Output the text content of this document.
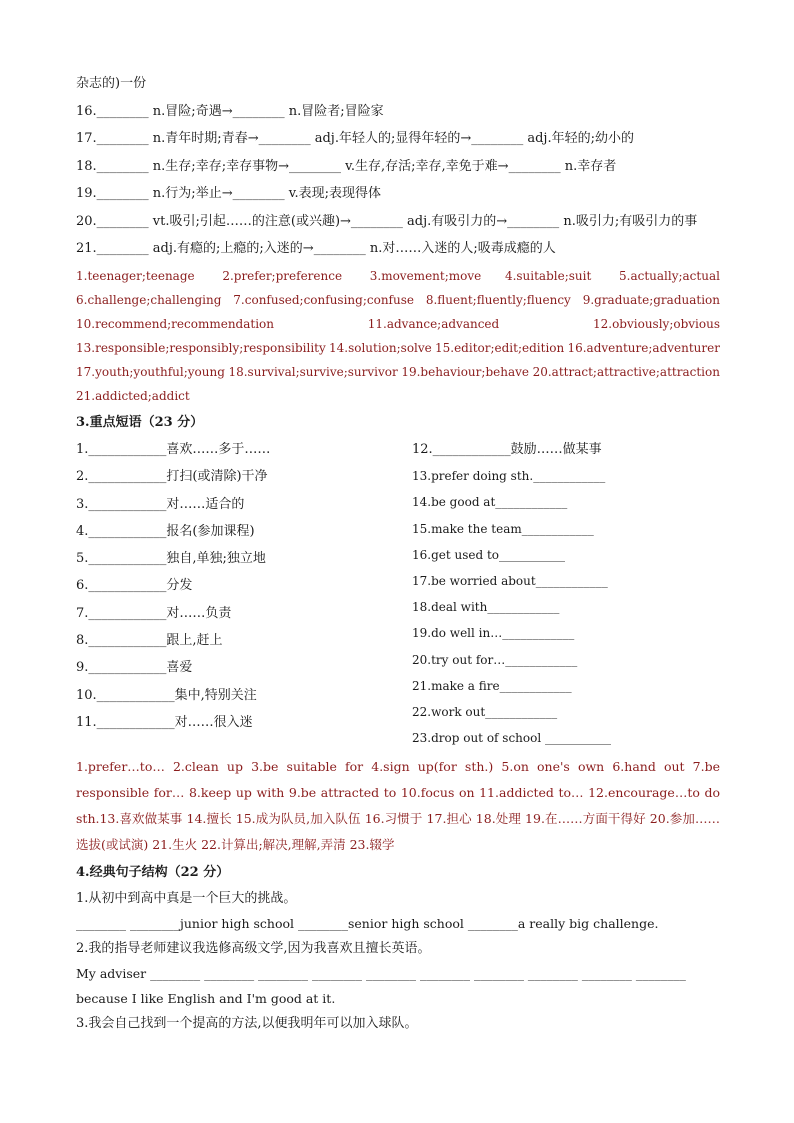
杂志的)一份
16.________ n.冒险;奇遇→________ n.冒险者;冒险家
17.________ n.青年时期;青春→________ adj.年轻人的;显得年轻的→________ adj.年轻的;幼小的
18.________ n.生存;幸存;幸存事物→________ v.生存,存活;幸存,幸免于难→________ n.幸存者
19.________ n.行为;举止→________ v.表现;表现得体
20.________ vt.吸引;引起……的注意(或兴趣)→________ adj.有吸引力的→________ n.吸引力;有吸引力的事
21.________ adj.有瘾的;上瘾的;入迷的→________ n.对……入迷的人;吸毒成瘾的人
1.teenager;teenage 2.prefer;preference 3.movement;move 4.suitable;suit 5.actually;actual
6.challenge;challenging 7.confused;confusing;confuse 8.fluent;fluently;fluency 9.graduate;graduation
10.recommend;recommendation	11.advance;advanced	12.obviously;obvious
13.responsible;responsibly;responsibility 14.solution;solve 15.editor;edit;edition 16.adventure;adventurer
17.youth;youthful;young 18.survival;survive;survivor 19.behaviour;behave 20.attract;attractive;attraction
21.addicted;addict
3.重点短语（23 分）
1.____________喜欢……多于……
2.____________打扫(或清除)干净
3.____________对……适合的
4.____________报名(参加课程)
5.____________独自,单独;独立地
6.____________分发
7.____________对……负责
8.____________跟上,赶上
9.____________喜爱
10.____________集中,特别关注
11.____________对……很入迷
12.____________鼓励……做某事
13.prefer doing sth.____________
14.be good at____________
15.make the team____________
16.get used to___________
17.be worried about____________
18.deal with____________
19.do well in…____________
20.try out for…____________
21.make a fire____________
22.work out____________
23.drop out of school ___________
1.prefer…to… 2.clean up 3.be suitable for 4.sign up(for sth.) 5.on one's own 6.hand out 7.be responsible for… 8.keep up with 9.be attracted to 10.focus on 11.addicted to… 12.encourage…to do sth.13.喜欢做某事 14.擅长 15.成为队员,加入队伍 16.习惯于 17.担心 18.处理 19.在……方面干得好 20.参加……选拔(或试演) 21.生火 22.计算出;解决,理解,弄清 23.辍学
4.经典句子结构（22 分）
1.从初中到高中真是一个巨大的挑战。
________ ________junior high school ________senior high school ________a really big challenge.
2.我的指导老师建议我选修高级文学,因为我喜欢且擅长英语。
My adviser ________ ________ ________ ________ ________ ________ ________ ________ ________ ________
because I like English and I'm good at it.
3.我会自己找到一个提高的方法,以便我明年可以加入球队。
